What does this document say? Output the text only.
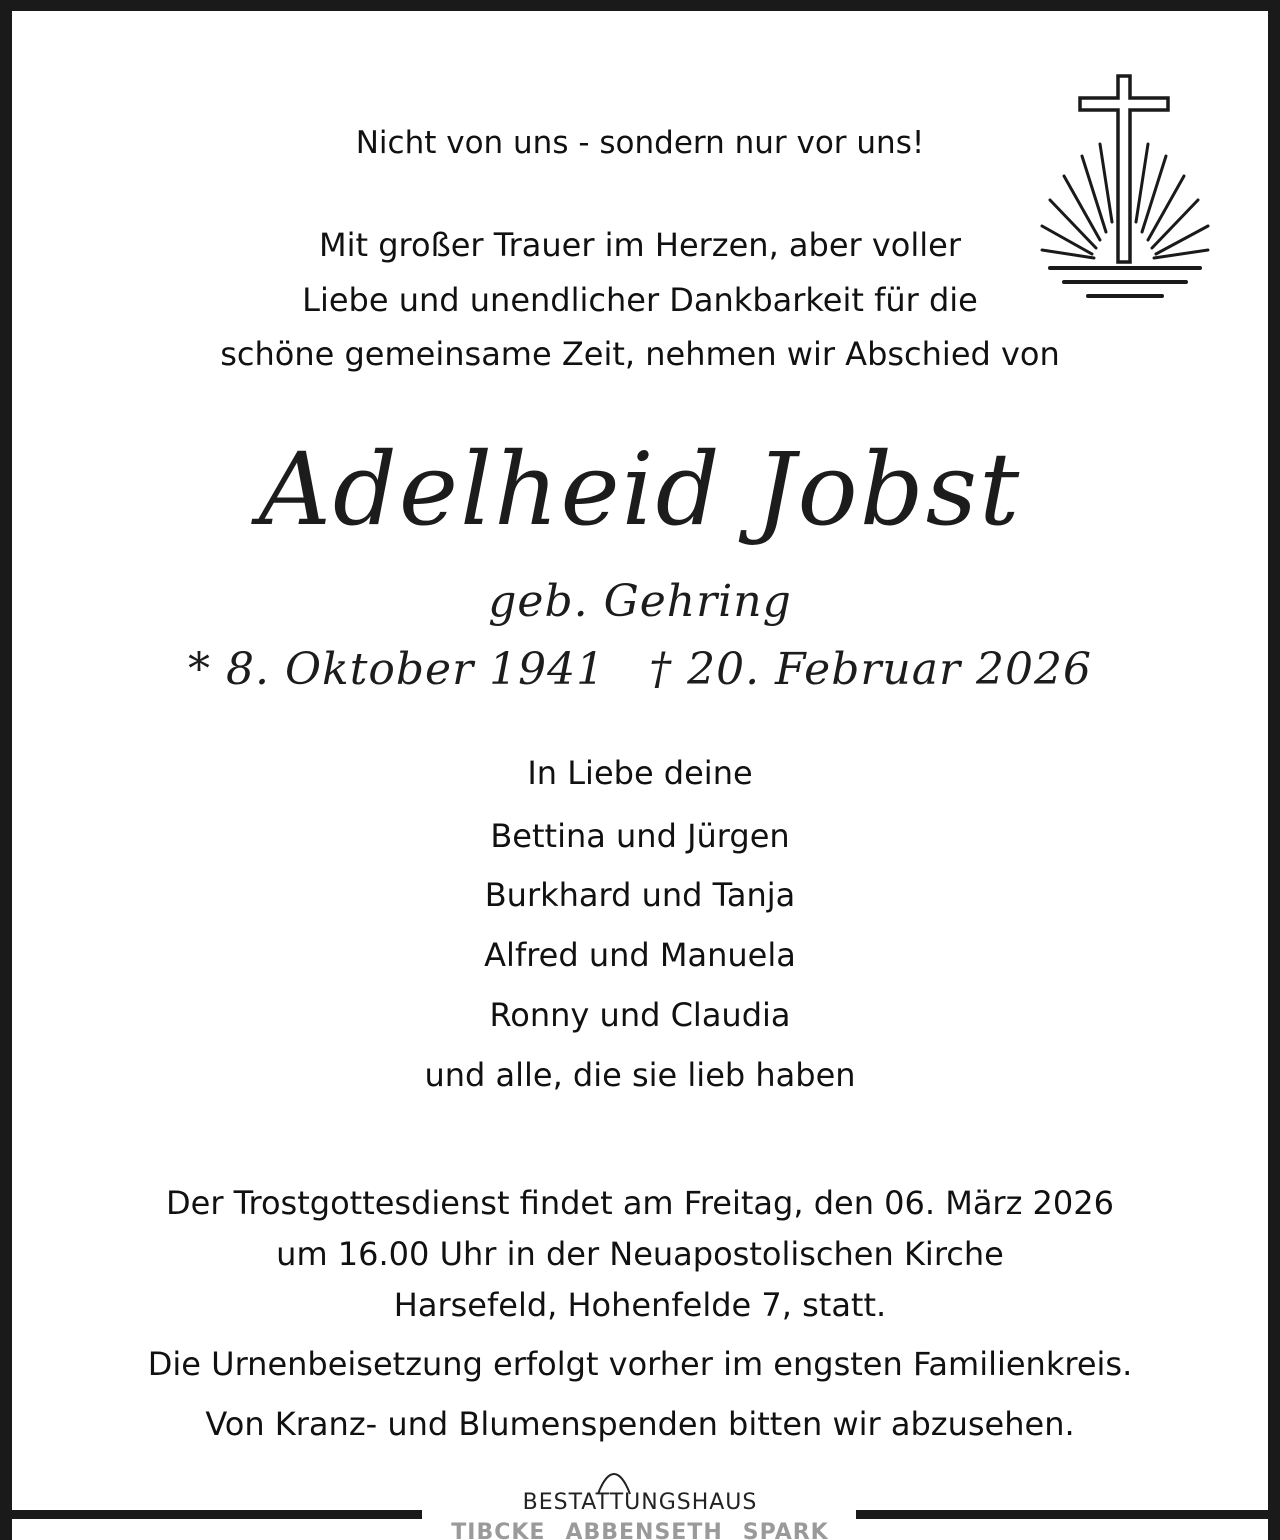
Nicht von uns - sondern nur vor uns!
Mit großer Trauer im Herzen, aber voller
Liebe und unendlicher Dankbarkeit für die
schöne gemeinsame Zeit, nehmen wir Abschied von
Adelheid Jobst
geb. Gehring
* 8. Oktober 1941 † 20. Februar 2026
In Liebe deine
Bettina und Jürgen
Burkhard und Tanja
Alfred und Manuela
Ronny und Claudia
und alle, die sie lieb haben
Der Trostgottesdienst findet am Freitag, den 06. März 2026
um 16.00 Uhr in der Neuapostolischen Kirche
Harsefeld, Hohenfelde 7, statt.
Die Urnenbeisetzung erfolgt vorher im engsten Familienkreis.
Von Kranz- und Blumenspenden bitten wir abzusehen.
BESTATTUNGSHAUS
TIBCKE ABBENSETH SPARK
